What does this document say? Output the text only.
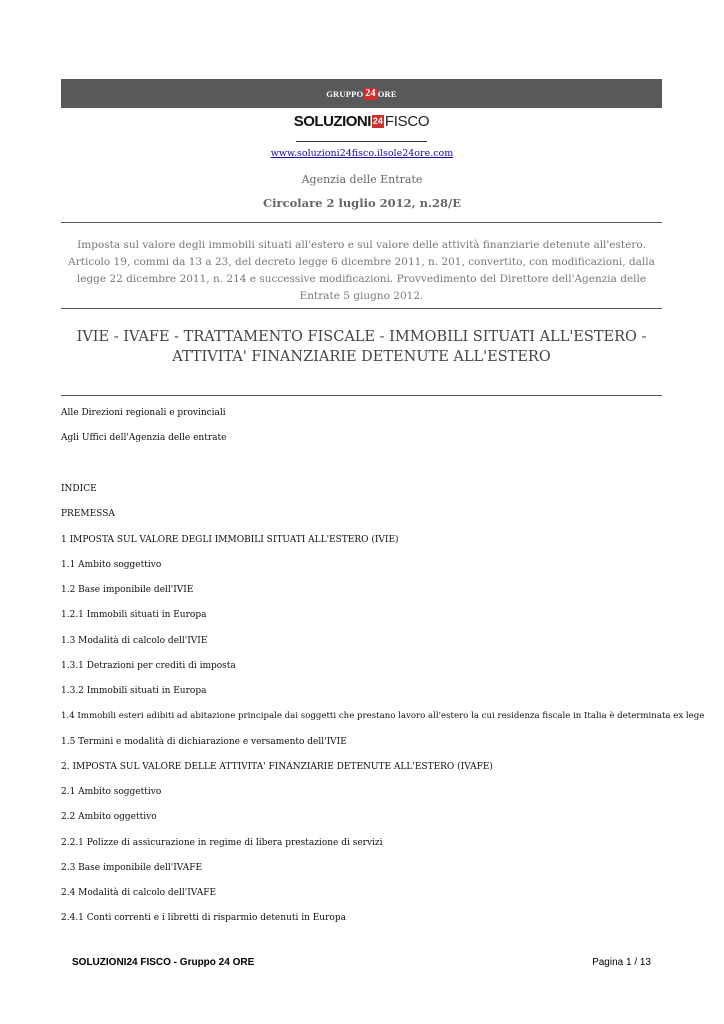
GRUPPO 24 ORE
SOLUZIONI 24 FISCO
www.soluzioni24fisco.ilsole24ore.com
Agenzia delle Entrate
Circolare 2 luglio 2012, n.28/E
Imposta sul valore degli immobili situati all'estero e sul valore delle attività finanziarie detenute all'estero. Articolo 19, commi da 13 a 23, del decreto legge 6 dicembre 2011, n. 201, convertito, con modificazioni, dalla legge 22 dicembre 2011, n. 214 e successive modificazioni. Provvedimento del Direttore dell'Agenzia delle Entrate 5 giugno 2012.
IVIE - IVAFE - TRATTAMENTO FISCALE - IMMOBILI SITUATI ALL'ESTERO - ATTIVITA' FINANZIARIE DETENUTE ALL'ESTERO
Alle Direzioni regionali e provinciali
Agli Uffici dell'Agenzia delle entrate
INDICE
PREMESSA
1 IMPOSTA SUL VALORE DEGLI IMMOBILI SITUATI ALL'ESTERO (IVIE)
1.1 Ambito soggettivo
1.2 Base imponibile dell'IVIE
1.2.1 Immobili situati in Europa
1.3 Modalità di calcolo dell'IVIE
1.3.1 Detrazioni per crediti di imposta
1.3.2 Immobili situati in Europa
1.4 Immobili esteri adibiti ad abitazione principale dai soggetti che prestano lavoro all'estero la cui residenza fiscale in Italia è determinata ex lege
1.5 Termini e modalità di dichiarazione e versamento dell'IVIE
2. IMPOSTA SUL VALORE DELLE ATTIVITA' FINANZIARIE DETENUTE ALL'ESTERO (IVAFE)
2.1 Ambito soggettivo
2.2 Ambito oggettivo
2.2.1 Polizze di assicurazione in regime di libera prestazione di servizi
2.3 Base imponibile dell'IVAFE
2.4 Modalità di calcolo dell'IVAFE
2.4.1 Conti correnti e i libretti di risparmio detenuti in Europa
SOLUZIONI24 FISCO - Gruppo 24 ORE	Pagina 1 / 13
